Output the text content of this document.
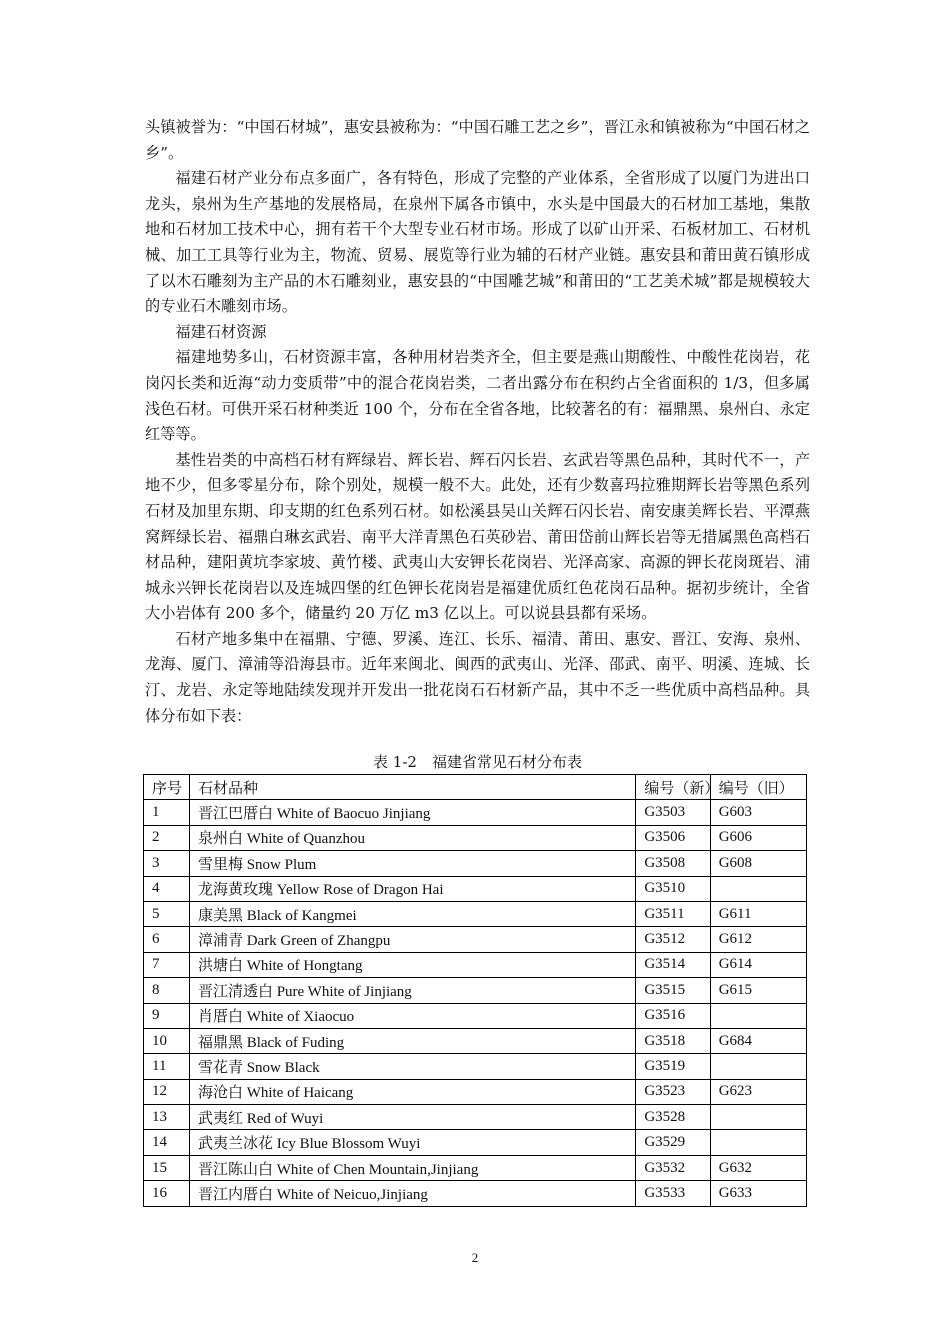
头镇被誉为：“中国石材城”，惠安县被称为：“中国石雕工艺之乡”，晋江永和镇被称为“中国石材之乡”。

福建石材产业分布点多面广，各有特色，形成了完整的产业体系，全省形成了以厦门为进出口龙头，泉州为生产基地的发展格局，在泉州下属各市镇中，水头是中国最大的石材加工基地，集散地和石材加工技术中心，拥有若干个大型专业石材市场。形成了以矿山开采、石板材加工、石材机械、加工工具等行业为主，物流、贸易、展览等行业为辅的石材产业链。惠安县和莆田黄石镇形成了以木石雕刻为主产品的木石雕刻业，惠安县的“中国雕艺城”和莆田的“工艺美术城”都是规模较大的专业石木雕刻市场。

福建石材资源

福建地势多山，石材资源丰富，各种用材岩类齐全，但主要是燕山期酸性、中酸性花岗岩，花岗闪长类和近海“动力变质带”中的混合花岗岩类，二者出露分布在积约占全省面积的 1/3，但多属浅色石材。可供开采石材种类近 100 个，分布在全省各地，比较著名的有：福鼎黑、泉州白、永定红等等。

基性岩类的中高档石材有辉绿岩、辉长岩、辉石闪长岩、玄武岩等黑色品种，其时代不一，产地不少，但多零星分布，除个别处，规模一般不大。此处，还有少数喜玛拉雅期辉长岩等黑色系列石材及加里东期、印支期的红色系列石材。如松溪县吴山关辉石闪长岩、南安康美辉长岩、平潭燕窝辉绿长岩、福鼎白琳玄武岩、南平大洋青黑色石英砂岩、莆田岱前山辉长岩等无措属黑色高档石材品种，建阳黄坑李家坡、黄竹楼、武夷山大安钾长花岗岩、光泽高家、高源的钾长花岗斑岩、浦城永兴钾长花岗岩以及连城四堡的红色钾长花岗岩是福建优质红色花岗石品种。据初步统计，全省大小岩体有 200 多个，储量约 20 万亿 m3 亿以上。可以说县县都有采场。

石材产地多集中在福鼎、宁德、罗溪、连江、长乐、福清、莆田、惠安、晋江、安海、泉州、龙海、厦门、漳浦等沿海县市。近年来闽北、闽西的武夷山、光泽、邵武、南平、明溪、连城、长汀、龙岩、永定等地陆续发现并开发出一批花岗石石材新产品，其中不乏一些优质中高档品种。具体分布如下表：

表 1-2　福建省常见石材分布表
序号	石材品种	编号（新）	编号（旧）
1	晋江巴厝白 White of Baocuo Jinjiang	G3503	G603
2	泉州白 White of Quanzhou	G3506	G606
3	雪里梅 Snow Plum	G3508	G608
4	龙海黄玫瑰 Yellow Rose of Dragon Hai	G3510	
5	康美黑 Black of Kangmei	G3511	G611
6	漳浦青 Dark Green of Zhangpu	G3512	G612
7	洪塘白 White of Hongtang	G3514	G614
8	晋江清透白 Pure White of Jinjiang	G3515	G615
9	肖厝白 White of Xiaocuo	G3516	
10	福鼎黑 Black of Fuding	G3518	G684
11	雪花青 Snow Black	G3519	
12	海沧白 White of Haicang	G3523	G623
13	武夷红 Red of Wuyi	G3528	
14	武夷兰冰花 Icy Blue Blossom Wuyi	G3529	
15	晋江陈山白 White of Chen Mountain,Jinjiang	G3532	G632
16	晋江内厝白 White of Neicuo,Jinjiang	G3533	G633
2
